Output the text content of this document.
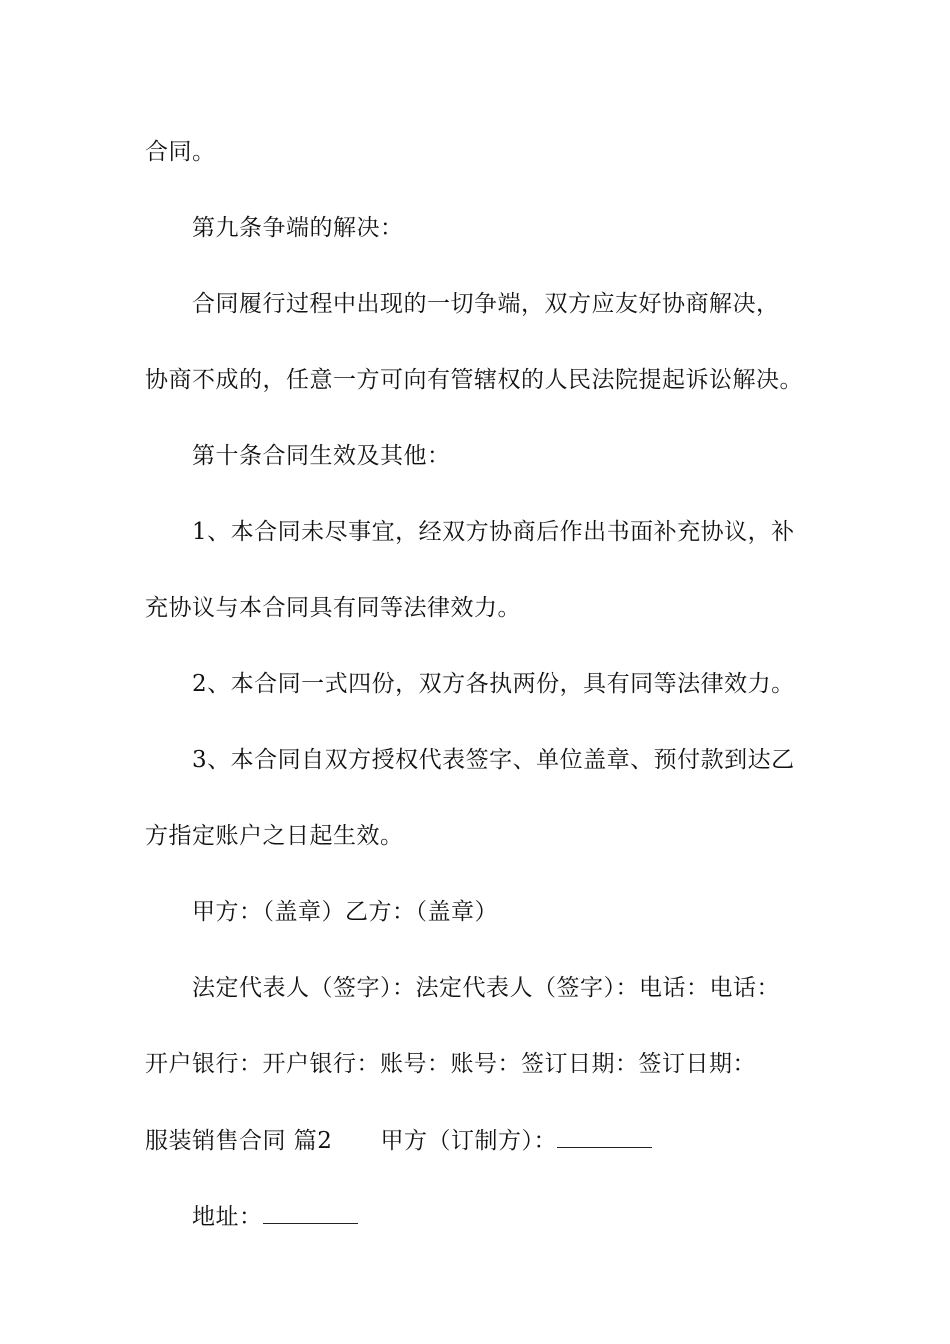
合同。
第九条争端的解决：
合同履行过程中出现的一切争端，双方应友好协商解决，
协商不成的，任意一方可向有管辖权的人民法院提起诉讼解决。
第十条合同生效及其他：
1、本合同未尽事宜，经双方协商后作出书面补充协议，补
充协议与本合同具有同等法律效力。
2、本合同一式四份，双方各执两份，具有同等法律效力。
3、本合同自双方授权代表签字、单位盖章、预付款到达乙
方指定账户之日起生效。
甲方：（盖章）乙方：（盖章）
法定代表人（签字）：法定代表人（签字）：电话：电话：
开户银行：开户银行：账号：账号：签订日期：签订日期：
服装销售合同 篇2 甲方（订制方）：
地址：
